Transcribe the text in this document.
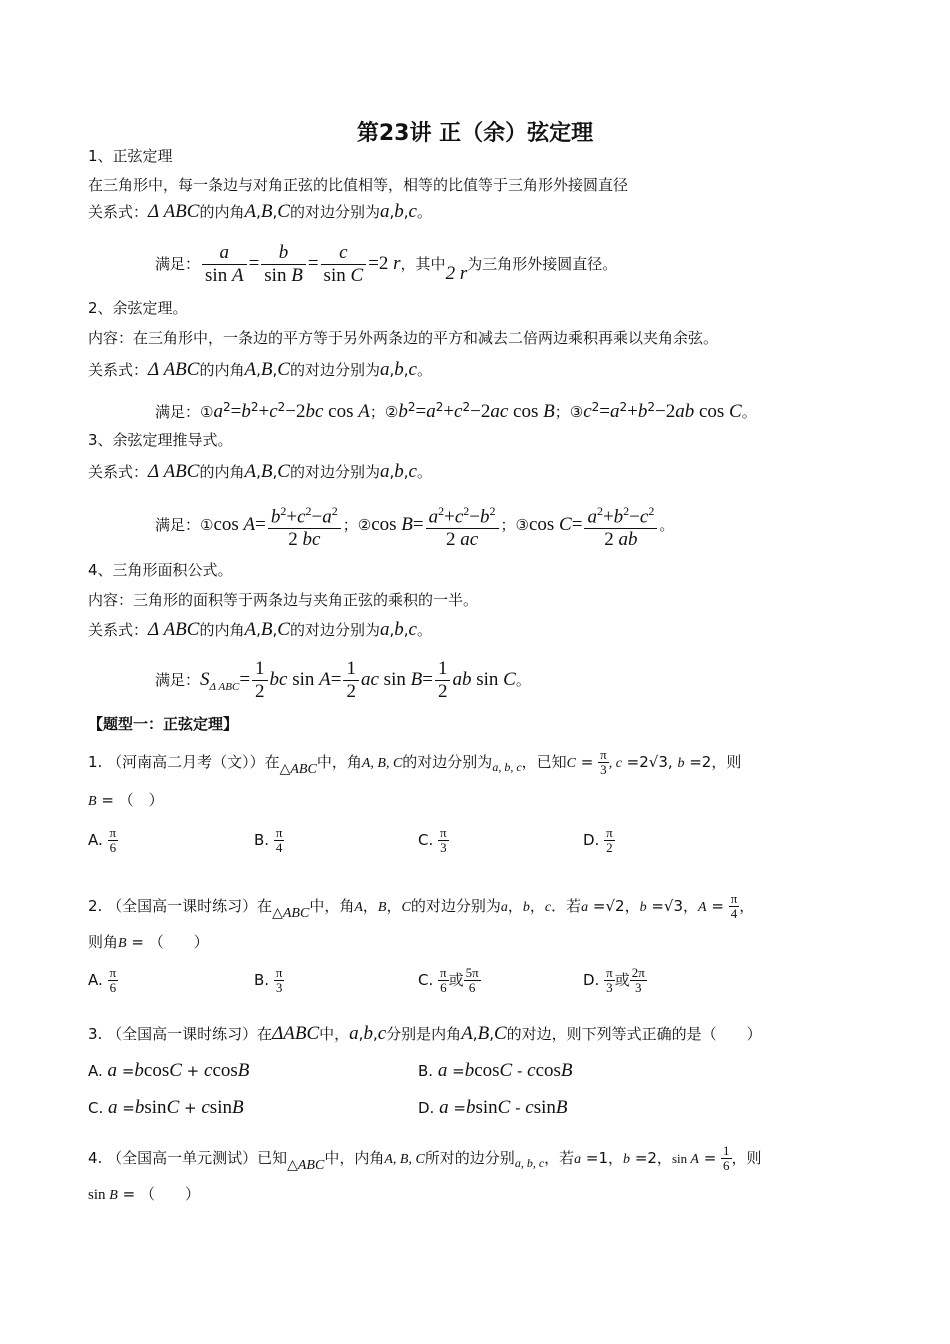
第23讲 正（余）弦定理
1、正弦定理
在三角形中，每一条边与对角正弦的比值相等，相等的比值等于三角形外接圆直径
关系式：Δ ABC的内角A,B,C的对边分别为a,b,c。
满足： $\frac{a}{\text{sin A}} = \frac{b}{\text{sin B}} = \frac{c}{\text{sin C}} =2$ r，其中2 r为三角形外接圆直径。
2、余弦定理。
内容：在三角形中，一条边的平方等于另外两条边的平方和减去二倍两边乘积再乘以夹角余弦。
关系式：Δ ABC的内角A,B,C的对边分别为a,b,c。
满足：$①a^2=b^2+c^2-2bc$ cos A；$②b^2=a^2+c^2-2ac$ cos B；$③c^2=a^2+b^2-2ab$ cos C。
3、余弦定理推导式。
关系式：Δ ABC的内角A,B,C的对边分别为a,b,c。
满足：①cos $A= \frac{b^2+c^2-a^2}{2 bc}$ ；②cos $B= \frac{a^2+c^2-b^2}{2 ac}$ ；③cos $C= \frac{a^2+b^2-c^2}{2 ab}$ 。
4、三角形面积公式。
内容：三角形的面积等于两条边与夹角正弦的乘积的一半。
关系式：Δ ABC的内角A,B,C的对边分别为a,b,c。
满足：$S_{\Delta ABC}= \frac{1}{2}$ bc $\sin A= \frac{1}{2}$ ac $\sin B= \frac{1}{2}$ ab sin C。
【题型一：正弦定理】
1. （河南高二月考（文））在△ABC中，角A, B, C的对边分别为$_{a, b, c}$，已知$C = \frac{\pi}{3}$ , c =2√3, b =2，则
B = （　）
A. $\frac{\pi}{6}$	B. $\frac{\pi}{4}$	C. $\frac{\pi}{3}$	D. $\frac{\pi}{2}$
2. （全国高一课时练习）在△ABC中，角A，B，C的对边分别为a，b，c．若a =√2，b =√3，$A = \frac{\pi}{4}$ ，
则角B = （　　）
A. $\frac{\pi}{6}$	B. $\frac{\pi}{3}$	C. $\frac{\pi}{6}$ 或 $\frac{5\pi}{6}$	D. $\frac{\pi}{3}$ 或 $\frac{2\pi}{3}$
3. （全国高一课时练习）在ΔABC中，a,b,c分别是内角A,B,C的对边，则下列等式正确的是（　　）
A. a =bcosC + ccosB	B. a =bcosC - ccosB
C. a =bsinC + csinB	D. a =bsinC - csinB
4. （全国高一单元测试）已知△ABC中，内角A, B, C所对的边分别$_{a, b, c}$，若a =1，b =2，$\sin A = \frac{1}{6}$ ，则
sin B = （　　）
